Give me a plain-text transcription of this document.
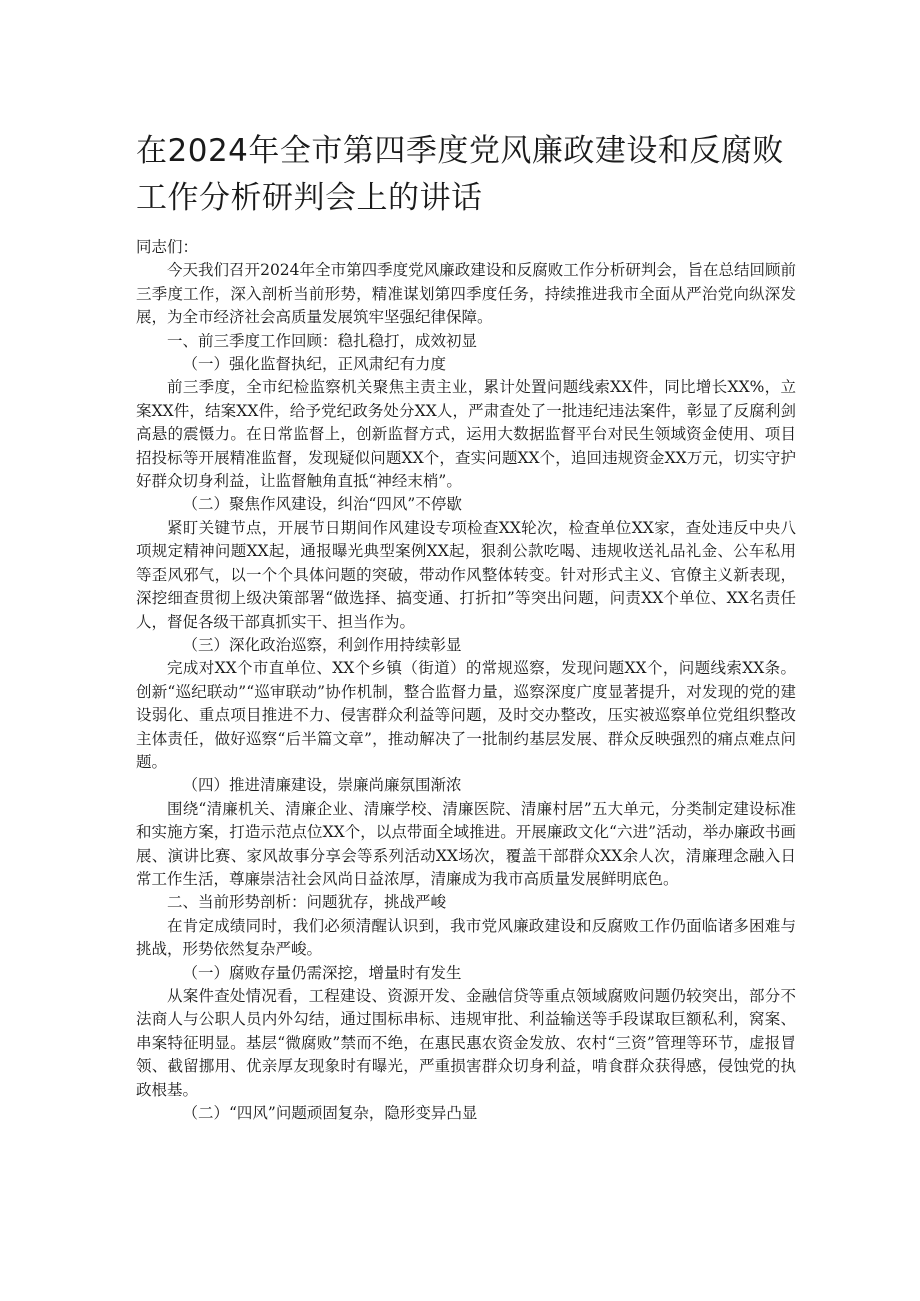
在2024年全市第四季度党风廉政建设和反腐败工作分析研判会上的讲话

同志们：

今天我们召开2024年全市第四季度党风廉政建设和反腐败工作分析研判会，旨在总结回顾前三季度工作，深入剖析当前形势，精准谋划第四季度任务，持续推进我市全面从严治党向纵深发展，为全市经济社会高质量发展筑牢坚强纪律保障。

一、前三季度工作回顾：稳扎稳打，成效初显

（一）强化监督执纪，正风肃纪有力度

前三季度，全市纪检监察机关聚焦主责主业，累计处置问题线索XX件，同比增长XX%，立案XX件，结案XX件，给予党纪政务处分XX人，严肃查处了一批违纪违法案件，彰显了反腐利剑高悬的震慑力。在日常监督上，创新监督方式，运用大数据监督平台对民生领域资金使用、项目招投标等开展精准监督，发现疑似问题XX个，查实问题XX个，追回违规资金XX万元，切实守护好群众切身利益，让监督触角直抵“神经末梢”。

（二）聚焦作风建设，纠治“四风”不停歇

紧盯关键节点，开展节日期间作风建设专项检查XX轮次，检查单位XX家，查处违反中央八项规定精神问题XX起，通报曝光典型案例XX起，狠刹公款吃喝、违规收送礼品礼金、公车私用等歪风邪气，以一个个具体问题的突破，带动作风整体转变。针对形式主义、官僚主义新表现，深挖细查贯彻上级决策部署“做选择、搞变通、打折扣”等突出问题，问责XX个单位、XX名责任人，督促各级干部真抓实干、担当作为。

（三）深化政治巡察，利剑作用持续彰显

完成对XX个市直单位、XX个乡镇（街道）的常规巡察，发现问题XX个，问题线索XX条。创新“巡纪联动”“巡审联动”协作机制，整合监督力量，巡察深度广度显著提升，对发现的党的建设弱化、重点项目推进不力、侵害群众利益等问题，及时交办整改，压实被巡察单位党组织整改主体责任，做好巡察“后半篇文章”，推动解决了一批制约基层发展、群众反映强烈的痛点难点问题。

（四）推进清廉建设，崇廉尚廉氛围渐浓

围绕“清廉机关、清廉企业、清廉学校、清廉医院、清廉村居”五大单元，分类制定建设标准和实施方案，打造示范点位XX个，以点带面全域推进。开展廉政文化“六进”活动，举办廉政书画展、演讲比赛、家风故事分享会等系列活动XX场次，覆盖干部群众XX余人次，清廉理念融入日常工作生活，尊廉崇洁社会风尚日益浓厚，清廉成为我市高质量发展鲜明底色。

二、当前形势剖析：问题犹存，挑战严峻

在肯定成绩同时，我们必须清醒认识到，我市党风廉政建设和反腐败工作仍面临诸多困难与挑战，形势依然复杂严峻。

（一）腐败存量仍需深挖，增量时有发生

从案件查处情况看，工程建设、资源开发、金融信贷等重点领域腐败问题仍较突出，部分不法商人与公职人员内外勾结，通过围标串标、违规审批、利益输送等手段谋取巨额私利，窝案、串案特征明显。基层“微腐败”禁而不绝，在惠民惠农资金发放、农村“三资”管理等环节，虚报冒领、截留挪用、优亲厚友现象时有曝光，严重损害群众切身利益，啃食群众获得感，侵蚀党的执政根基。

（二）“四风”问题顽固复杂，隐形变异凸显
